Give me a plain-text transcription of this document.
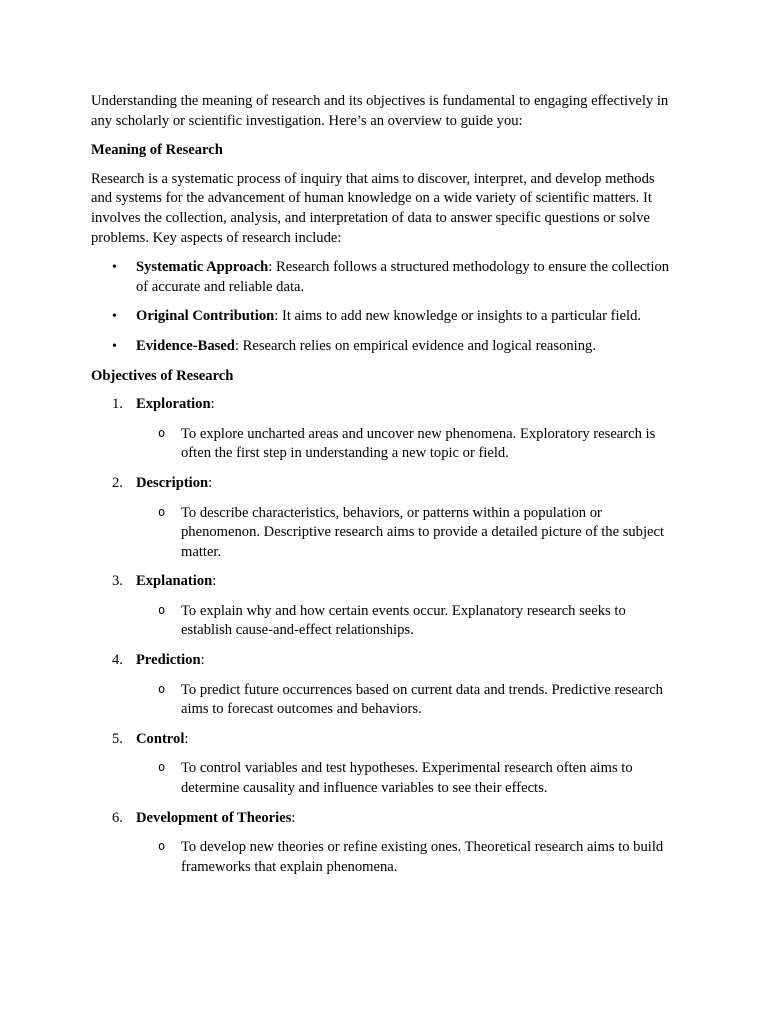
Understanding the meaning of research and its objectives is fundamental to engaging effectively in any scholarly or scientific investigation. Here’s an overview to guide you:

Meaning of Research

Research is a systematic process of inquiry that aims to discover, interpret, and develop methods and systems for the advancement of human knowledge on a wide variety of scientific matters. It involves the collection, analysis, and interpretation of data to answer specific questions or solve problems. Key aspects of research include:

• Systematic Approach: Research follows a structured methodology to ensure the collection of accurate and reliable data.
• Original Contribution: It aims to add new knowledge or insights to a particular field.
• Evidence-Based: Research relies on empirical evidence and logical reasoning.

Objectives of Research

1. Exploration:
o To explore uncharted areas and uncover new phenomena. Exploratory research is often the first step in understanding a new topic or field.
2. Description:
o To describe characteristics, behaviors, or patterns within a population or phenomenon. Descriptive research aims to provide a detailed picture of the subject matter.
3. Explanation:
o To explain why and how certain events occur. Explanatory research seeks to establish cause-and-effect relationships.
4. Prediction:
o To predict future occurrences based on current data and trends. Predictive research aims to forecast outcomes and behaviors.
5. Control:
o To control variables and test hypotheses. Experimental research often aims to determine causality and influence variables to see their effects.
6. Development of Theories:
o To develop new theories or refine existing ones. Theoretical research aims to build frameworks that explain phenomena.
